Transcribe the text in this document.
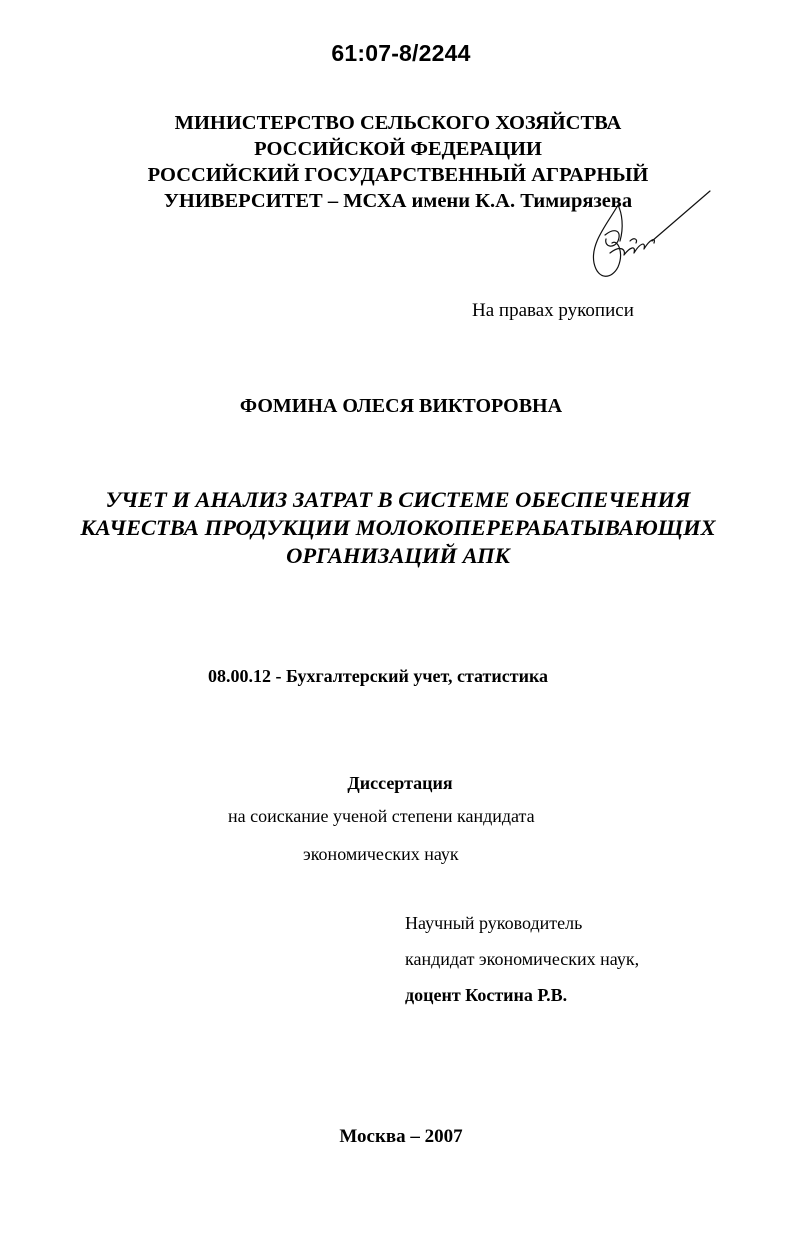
61:07-8/2244
МИНИСТЕРСТВО СЕЛЬСКОГО ХОЗЯЙСТВА
РОССИЙСКОЙ ФЕДЕРАЦИИ
РОССИЙСКИЙ ГОСУДАРСТВЕННЫЙ АГРАРНЫЙ
УНИВЕРСИТЕТ – МСХА имени К.А. Тимирязева
На правах рукописи
ФОМИНА ОЛЕСЯ ВИКТОРОВНА
УЧЕТ И АНАЛИЗ ЗАТРАТ В СИСТЕМЕ ОБЕСПЕЧЕНИЯ
КАЧЕСТВА ПРОДУКЦИИ МОЛОКОПЕРЕРАБАТЫВАЮЩИХ
ОРГАНИЗАЦИЙ АПК
08.00.12 - Бухгалтерский учет, статистика
Диссертация
на соискание ученой степени кандидата
экономических наук
Научный руководитель
кандидат экономических наук,
доцент Костина Р.В.
Москва – 2007
